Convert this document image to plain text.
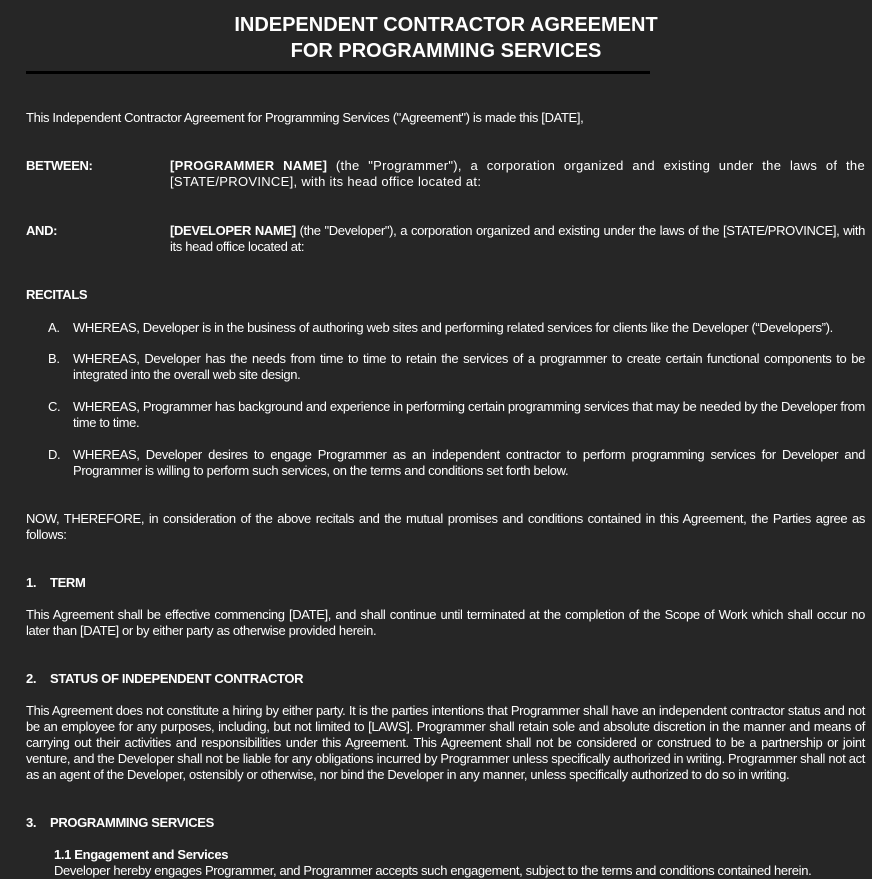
INDEPENDENT CONTRACTOR AGREEMENT
FOR PROGRAMMING SERVICES
This Independent Contractor Agreement for Programming Services ("Agreement") is made this [DATE],
BETWEEN:	[PROGRAMMER NAME] (the "Programmer"), a corporation organized and existing under the laws of the [STATE/PROVINCE], with its head office located at:
AND:	[DEVELOPER NAME] (the "Developer"), a corporation organized and existing under the laws of the [STATE/PROVINCE], with its head office located at:
RECITALS
A. WHEREAS, Developer is in the business of authoring web sites and performing related services for clients like the Developer (“Developers”).
B. WHEREAS, Developer has the needs from time to time to retain the services of a programmer to create certain functional components to be integrated into the overall web site design.
C. WHEREAS, Programmer has background and experience in performing certain programming services that may be needed by the Developer from time to time.
D. WHEREAS, Developer desires to engage Programmer as an independent contractor to perform programming services for Developer and Programmer is willing to perform such services, on the terms and conditions set forth below.
NOW, THEREFORE, in consideration of the above recitals and the mutual promises and conditions contained in this Agreement, the Parties agree as follows:
1. TERM
This Agreement shall be effective commencing [DATE], and shall continue until terminated at the completion of the Scope of Work which shall occur no later than [DATE] or by either party as otherwise provided herein.
2. STATUS OF INDEPENDENT CONTRACTOR
This Agreement does not constitute a hiring by either party. It is the parties intentions that Programmer shall have an independent contractor status and not be an employee for any purposes, including, but not limited to [LAWS]. Programmer shall retain sole and absolute discretion in the manner and means of carrying out their activities and responsibilities under this Agreement. This Agreement shall not be considered or construed to be a partnership or joint venture, and the Developer shall not be liable for any obligations incurred by Programmer unless specifically authorized in writing. Programmer shall not act as an agent of the Developer, ostensibly or otherwise, nor bind the Developer in any manner, unless specifically authorized to do so in writing.
3. PROGRAMMING SERVICES
1.1 Engagement and Services
Developer hereby engages Programmer, and Programmer accepts such engagement, subject to the terms and conditions contained herein.
